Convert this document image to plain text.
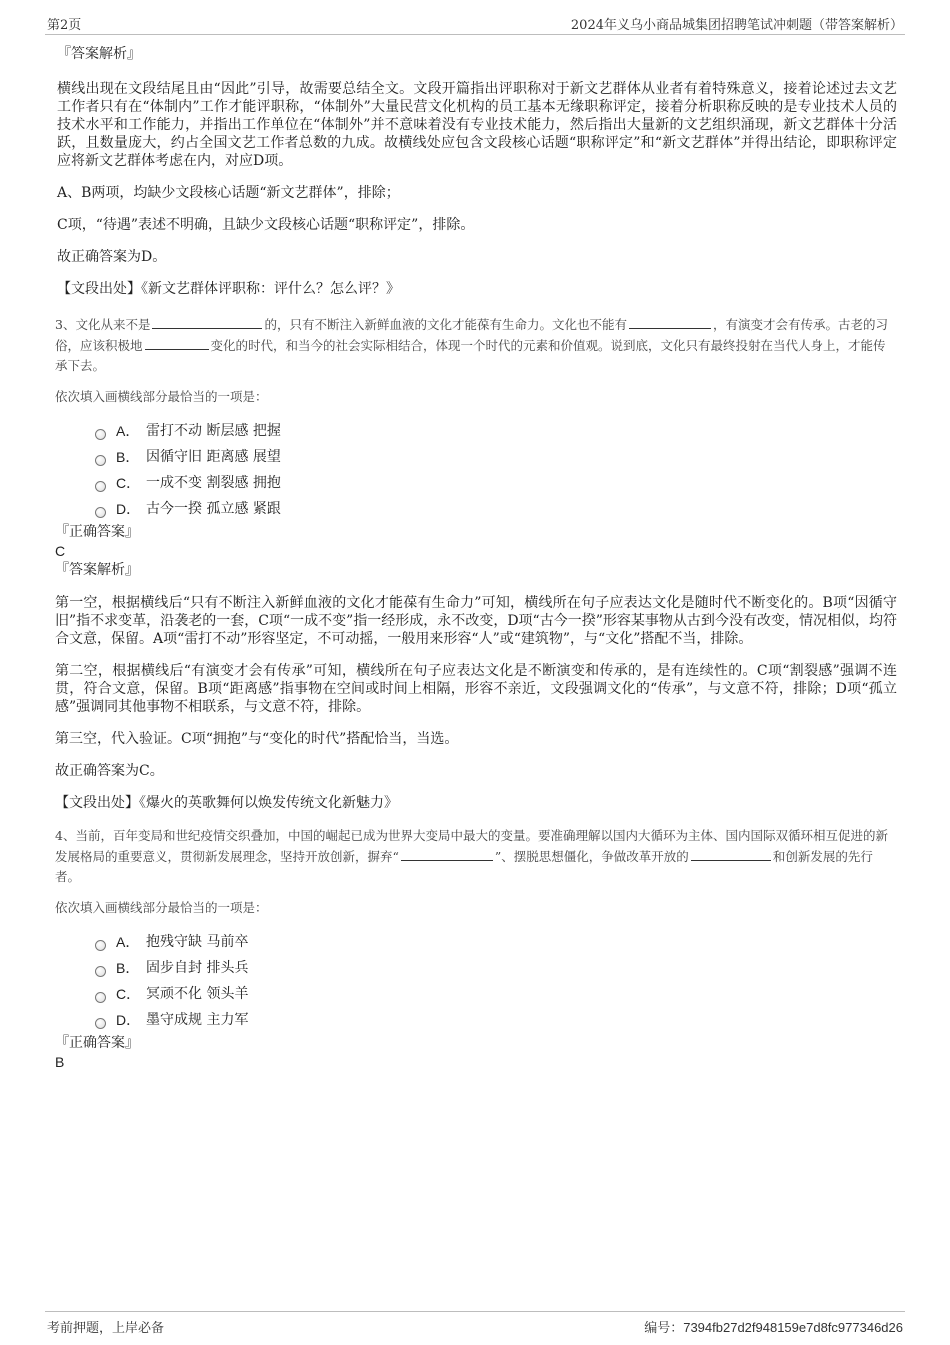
第2页	2024年义乌小商品城集团招聘笔试冲刺题（带答案解析）

『答案解析』

横线出现在文段结尾且由“因此”引导，故需要总结全文。文段开篇指出评职称对于新文艺群体从业者有着特殊意义，接着论述过去文艺工作者只有在“体制内”工作才能评职称，“体制外”大量民营文化机构的员工基本无缘职称评定，接着分析职称反映的是专业技术人员的技术水平和工作能力，并指出工作单位在“体制外”并不意味着没有专业技术能力，然后指出大量新的文艺组织涌现，新文艺群体十分活跃，且数量庞大，约占全国文艺工作者总数的九成。故横线处应包含文段核心话题“职称评定”和“新文艺群体”并得出结论，即职称评定应将新文艺群体考虑在内，对应D项。

A、B两项，均缺少文段核心话题“新文艺群体”，排除；

C项，“待遇”表述不明确，且缺少文段核心话题“职称评定”，排除。

故正确答案为D。

【文段出处】《新文艺群体评职称：评什么？怎么评？》

3、文化从来不是	的，只有不断注入新鲜血液的文化才能葆有生命力。文化也不能有	，有演变才会有传承。古老的习俗，应该积极地	变化的时代，和当今的社会实际相结合，体现一个时代的元素和价值观。说到底，文化只有最终投射在当代人身上，才能传承下去。

依次填入画横线部分最恰当的一项是：

A． 雷打不动 断层感 把握
B． 因循守旧 距离感 展望
C． 一成不变 割裂感 拥抱
D． 古今一揆 孤立感 紧跟

『正确答案』

C

『答案解析』

第一空，根据横线后“只有不断注入新鲜血液的文化才能葆有生命力”可知，横线所在句子应表达文化是随时代不断变化的。B项“因循守旧”指不求变革，沿袭老的一套，C项“一成不变”指一经形成，永不改变，D项“古今一揆”形容某事物从古到今没有改变，情况相似，均符合文意，保留。A项“雷打不动”形容坚定，不可动摇，一般用来形容“人”或“建筑物”，与“文化”搭配不当，排除。

第二空，根据横线后“有演变才会有传承”可知，横线所在句子应表达文化是不断演变和传承的，是有连续性的。C项“割裂感”强调不连贯，符合文意，保留。B项“距离感”指事物在空间或时间上相隔，形容不亲近，文段强调文化的“传承”，与文意不符，排除；D项“孤立感”强调同其他事物不相联系，与文意不符，排除。

第三空，代入验证。C项“拥抱”与“变化的时代”搭配恰当，当选。

故正确答案为C。

【文段出处】《爆火的英歌舞何以焕发传统文化新魅力》

4、当前，百年变局和世纪疫情交织叠加，中国的崛起已成为世界大变局中最大的变量。要准确理解以国内大循环为主体、国内国际双循环相互促进的新发展格局的重要意义，贯彻新发展理念，坚持开放创新，摒弃“	”、摆脱思想僵化，争做改革开放的	和创新发展的先行者。

依次填入画横线部分最恰当的一项是：

A． 抱残守缺 马前卒
B． 固步自封 排头兵
C． 冥顽不化 领头羊
D． 墨守成规 主力军

『正确答案』

B

考前押题，上岸必备	编号：7394fb27d2f948159e7d8fc977346d26
